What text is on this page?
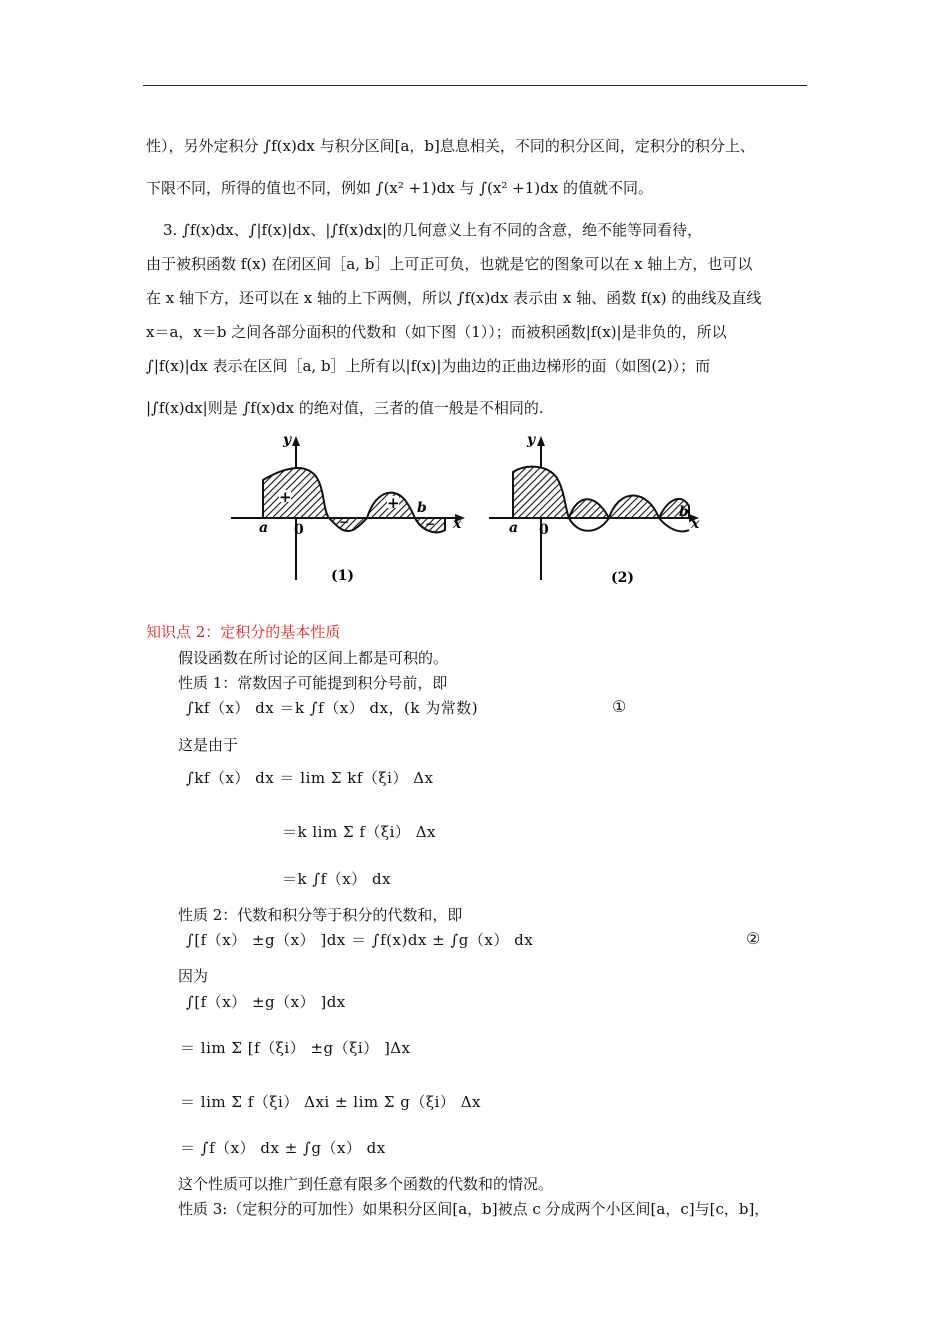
性），另外定积分 ∫f(x)dx 与积分区间[a，b]息息相关，不同的积分区间，定积分的积分上、
下限不同，所得的值也不同，例如 ∫(x² +1)dx 与 ∫(x² +1)dx 的值就不同。
3. ∫f(x)dx、∫|f(x)|dx、|∫f(x)dx|的几何意义上有不同的含意，绝不能等同看待，
由于被积函数 f(x) 在闭区间［a, b］上可正可负，也就是它的图象可以在 x 轴上方，也可以
在 x 轴下方，还可以在 x 轴的上下两侧，所以 ∫f(x)dx 表示由 x 轴、函数 f(x) 的曲线及直线
x＝a，x＝b 之间各部分面积的代数和（如下图（1））；而被积函数|f(x)|是非负的，所以
∫|f(x)|dx 表示在区间［a, b］上所有以|f(x)|为曲边的正曲边梯形的面（如图(2)）；而
|∫f(x)dx|则是 ∫f(x)dx 的绝对值，三者的值一般是不相同的.
+	+
−	−
y
x
a 0
b
(1)
y
x
a 0
b
(2)
知识点 2：定积分的基本性质
假设函数在所讨论的区间上都是可积的。
性质 1：常数因子可能提到积分号前，即
∫kf（x） dx ＝k ∫f（x） dx，(k 为常数)	①
这是由于
∫kf（x） dx ＝ lim Σ kf（ξi） Δx
＝k lim Σ f（ξi） Δx
＝k ∫f（x） dx
性质 2：代数和积分等于积分的代数和，即
∫[f（x） ±g（x） ]dx ＝ ∫f(x)dx ± ∫g（x） dx	②
因为
∫[f（x） ±g（x） ]dx
＝ lim Σ [f（ξi） ±g（ξi） ]Δx
＝ lim Σ f（ξi） Δxi ± lim Σ g（ξi） Δx
＝ ∫f（x） dx ± ∫g（x） dx
这个性质可以推广到任意有限多个函数的代数和的情况。
性质 3:（定积分的可加性）如果积分区间[a，b]被点 c 分成两个小区间[a，c]与[c，b]，
